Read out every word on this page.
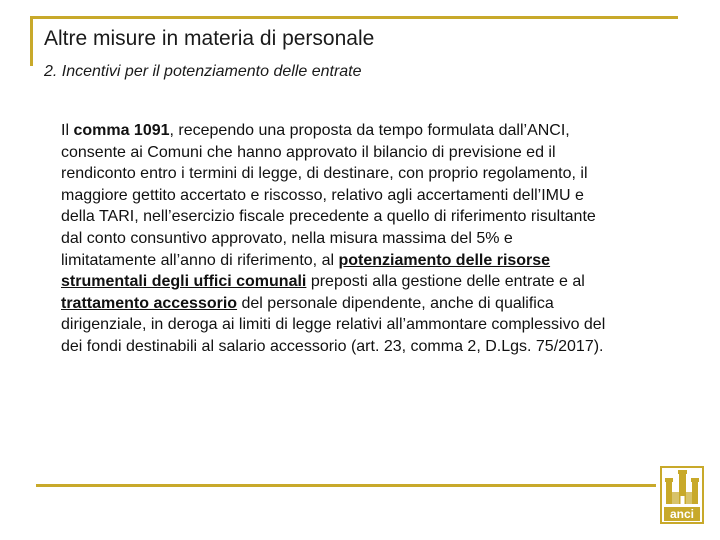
Altre misure in materia di personale
2. Incentivi per il potenziamento delle entrate
Il comma 1091, recependo una proposta da tempo formulata dall’ANCI, consente ai Comuni che hanno approvato il bilancio di previsione ed il rendiconto entro i termini di legge, di destinare, con proprio regolamento, il maggiore gettito accertato e riscosso, relativo agli accertamenti dell’IMU e della TARI, nell’esercizio fiscale precedente a quello di riferimento risultante dal conto consuntivo approvato, nella misura massima del 5% e limitatamente all’anno di riferimento, al potenziamento delle risorse strumentali degli uffici comunali preposti alla gestione delle entrate e al trattamento accessorio del personale dipendente, anche di qualifica dirigenziale, in deroga ai limiti di legge relativi all’ammontare complessivo del dei fondi destinabili al salario accessorio (art. 23, comma 2, D.Lgs. 75/2017).
anci
